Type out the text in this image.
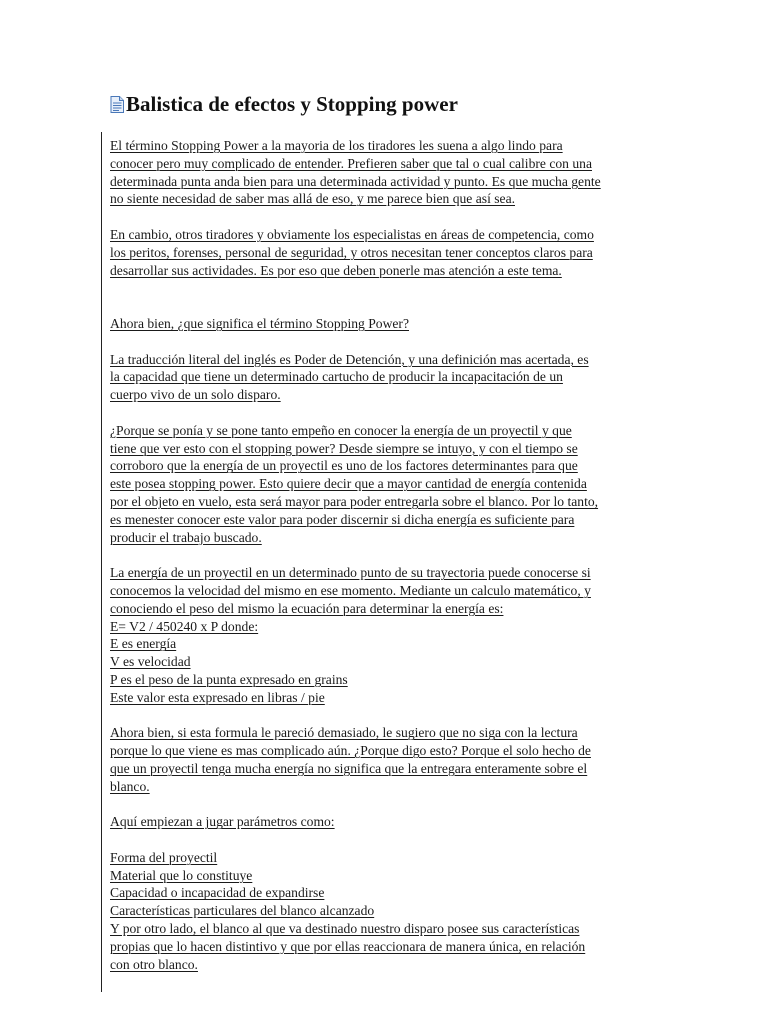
Balistica de efectos y Stopping power
El término Stopping Power a la mayoria de los tiradores les suena a algo lindo para
conocer pero muy complicado de entender. Prefieren saber que tal o cual calibre con una
determinada punta anda bien para una determinada actividad y punto. Es que mucha gente
no siente necesidad de saber mas allá de eso, y me parece bien que así sea.
En cambio, otros tiradores y obviamente los especialistas en áreas de competencia, como
los peritos, forenses, personal de seguridad, y otros necesitan tener conceptos claros para
desarrollar sus actividades. Es por eso que deben ponerle mas atención a este tema.
Ahora bien, ¿que significa el término Stopping Power?
La traducción literal del inglés es Poder de Detención, y una definición mas acertada, es
la capacidad que tiene un determinado cartucho de producir la incapacitación de un
cuerpo vivo de un solo disparo.
¿Porque se ponía y se pone tanto empeño en conocer la energía de un proyectil y que
tiene que ver esto con el stopping power? Desde siempre se intuyo, y con el tiempo se
corroboro que la energía de un proyectil es uno de los factores determinantes para que
este posea stopping power. Esto quiere decir que a mayor cantidad de energía contenida
por el objeto en vuelo, esta será mayor para poder entregarla sobre el blanco. Por lo tanto,
es menester conocer este valor para poder discernir si dicha energía es suficiente para
producir el trabajo buscado.
La energía de un proyectil en un determinado punto de su trayectoria puede conocerse si
conocemos la velocidad del mismo en ese momento. Mediante un calculo matemático, y
conociendo el peso del mismo la ecuación para determinar la energía es:
E= V2 / 450240 x P donde:
E es energía
V es velocidad
P es el peso de la punta expresado en grains
Este valor esta expresado en libras / pie
Ahora bien, si esta formula le pareció demasiado, le sugiero que no siga con la lectura
porque lo que viene es mas complicado aún. ¿Porque digo esto? Porque el solo hecho de
que un proyectil tenga mucha energía no significa que la entregara enteramente sobre el
blanco.
Aquí empiezan a jugar parámetros como:
Forma del proyectil
Material que lo constituye
Capacidad o incapacidad de expandirse
Características particulares del blanco alcanzado
Y por otro lado, el blanco al que va destinado nuestro disparo posee sus características
propias que lo hacen distintivo y que por ellas reaccionara de manera única, en relación
con otro blanco.
